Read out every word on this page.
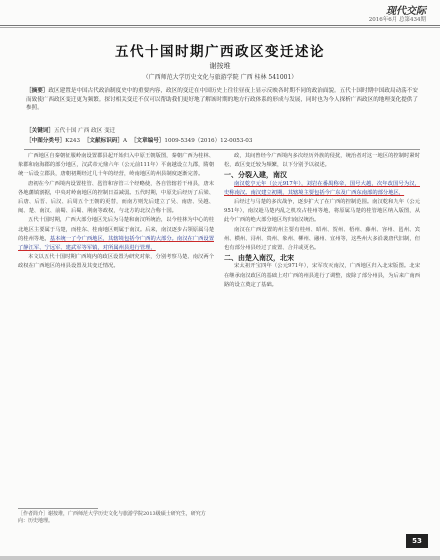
现代交际
2016年6月 总第434期
五代十国时期广西政区变迁述论
谢按堆
（广西师范大学历史文化与旅游学院 广西 桂林 541001）
［摘要］政区建置是中国古代政治制度史中的重要内容，政区的变迁在中国历史上往往昼夜上显示反映各时期不同的政治面貌。五代十国时期中国政局动荡不安而致使广西政区变迁更为频繁。探讨相关变迁不仅可以帮助我们更好地了解该时期的地方行政体系的形成与发展，同时也为今人探析广西政区的地理变化提供了参照。
［关键词］五代十国 广西 政区 变迁
［中图分类号］K243 ［文献标识码］A ［文章编号］1009-5349（2016）12-0053-03

广西地区自秦朝征服岭南设置郡县起开始归入中原王朝版图，秦朝广西为桂林、象郡和南海郡的部分地区，汉武帝元鼎六年（公元前111年）平南越设立九郡，隋朝统一后设立郡县，唐朝初期经过几十年的经营，岭南地区的州县制度逐渐完善。

唐初在今广西境内设置桂管、邕管和容管三个经略使，各自管辖若干州县，唐末各地藩镇割据，中央对岭南地区的控制日益减弱。五代时期，中原先后经历了后梁、后唐、后晋、后汉、后周五个王朝的更替，而南方则先后建立了吴、南唐、吴越、闽、楚、南汉、前蜀、后蜀、荆南等政权，与北方的北汉合称十国。

五代十国时期，广西大部分地区先后为马楚和南汉所统治，以今桂林为中心的桂北地区主要属于马楚，而桂东、桂南地区则属于南汉。后来，南汉逐步占领原属马楚的桂州等地，基本统一了今广西地区，其辖境包括今广西的大部分。南汉在广西设置了静江军、宁远军、建武军等军镇，对所属州县进行管理，

本文以五代十国时期广西境内的政区设置为研究对象，分别考察马楚、南汉两个政权在广西地区的州县设置及其变迁情况。

政，其间曾经今广西境内多次经历外族的侵扰，统治者对这一地区的控制时紧时松，政区变迁较为频繁，以下分别予以叙述。

一、分裂入建，南汉

南汉乾亨元年（公元917年），刘岩在番禺称帝，国号大越，次年改国号为汉，史称南汉。南汉建立初期，其辖境主要包括今广东及广西东南部的部分地区，

后经过与马楚的多次战争，逐步扩大了在广西的控制范围。南汉乾和九年（公元951年），南汉趁马楚内乱之机攻占桂州等地，将原属马楚的桂管地区纳入版图，从此今广西的绝大部分地区均归南汉统治。

南汉在广西设置的州主要有桂州、昭州、贺州、梧州、藤州、容州、邕州、宾州、横州、浔州、贵州、象州、柳州、融州、宜州等，这些州大多沿袭唐代旧制，但也有部分州县经过了废置、合并或更名。

二、由楚入南汉，北宋

宋太祖开宝四年（公元971年），宋军攻灭南汉，广西地区归入北宋版图。北宋在继承南汉政区的基础上对广西的州县进行了调整，废除了部分州县，为后来广南西路的设立奠定了基础。

［作者简介］谢按堆，广西师范大学历史文化与旅游学院2013级硕士研究生，研究方向：历史地理。
53
